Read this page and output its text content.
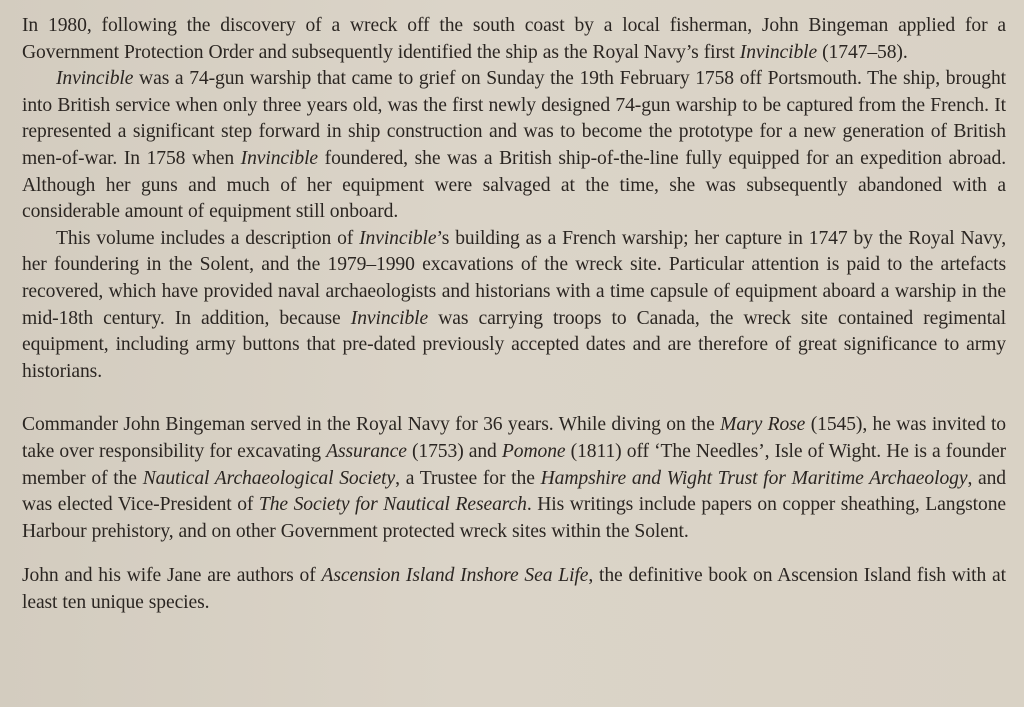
In 1980, following the discovery of a wreck off the south coast by a local fisherman, John Bingeman applied for a Government Protection Order and subsequently identified the ship as the Royal Navy’s first Invincible (1747–58).

Invincible was a 74-gun warship that came to grief on Sunday the 19th February 1758 off Portsmouth. The ship, brought into British service when only three years old, was the first newly designed 74-gun warship to be captured from the French. It represented a significant step forward in ship construction and was to become the prototype for a new generation of British men-of-war. In 1758 when Invincible foundered, she was a British ship-of-the-line fully equipped for an expedition abroad. Although her guns and much of her equipment were salvaged at the time, she was subsequently abandoned with a considerable amount of equipment still onboard.

This volume includes a description of Invincible’s building as a French warship; her capture in 1747 by the Royal Navy, her foundering in the Solent, and the 1979–1990 excavations of the wreck site. Particular attention is paid to the artefacts recovered, which have provided naval archaeologists and historians with a time capsule of equipment aboard a warship in the mid-18th century. In addition, because Invincible was carrying troops to Canada, the wreck site contained regimental equipment, including army buttons that pre-dated previously accepted dates and are therefore of great significance to army historians.

Commander John Bingeman served in the Royal Navy for 36 years. While diving on the Mary Rose (1545), he was invited to take over responsibility for excavating Assurance (1753) and Pomone (1811) off ‘The Needles’, Isle of Wight. He is a founder member of the Nautical Archaeological Society, a Trustee for the Hampshire and Wight Trust for Maritime Archaeology, and was elected Vice-President of The Society for Nautical Research. His writings include papers on copper sheathing, Langstone Harbour prehistory, and on other Government protected wreck sites within the Solent.

John and his wife Jane are authors of Ascension Island Inshore Sea Life, the definitive book on Ascension Island fish with at least ten unique species.
